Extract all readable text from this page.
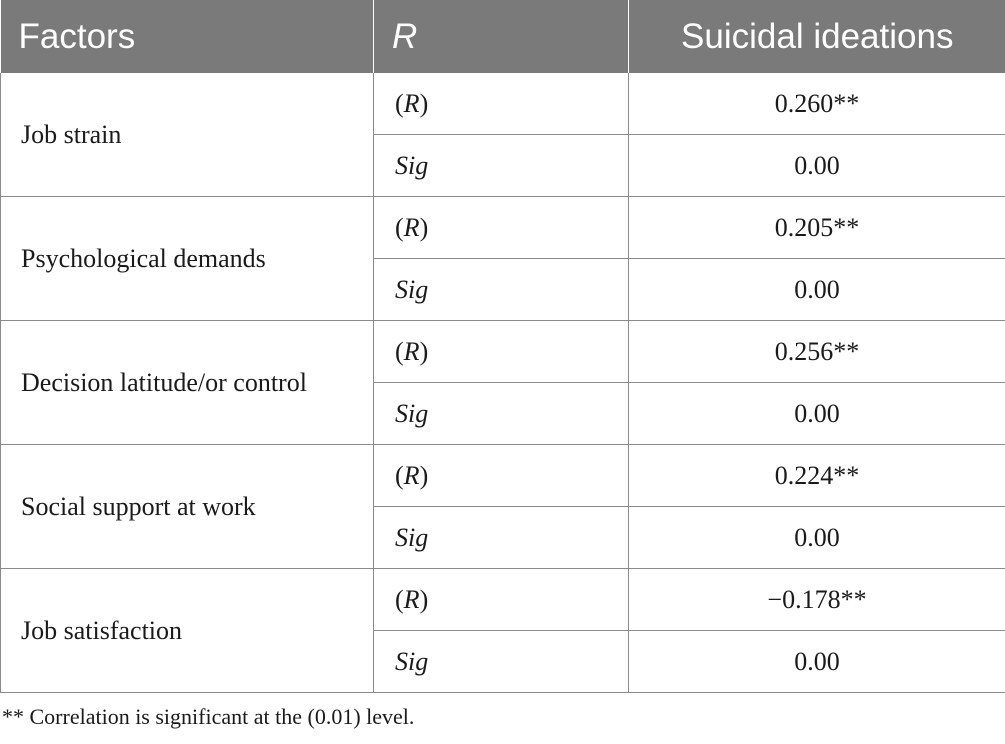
Factors	R	Suicidal ideations
Job strain	(R)	0.260**
	Sig	0.00
Psychological demands	(R)	0.205**
	Sig	0.00
Decision latitude/or control	(R)	0.256**
	Sig	0.00
Social support at work	(R)	0.224**
	Sig	0.00
Job satisfaction	(R)	−0.178**
	Sig	0.00
** Correlation is significant at the (0.01) level.
